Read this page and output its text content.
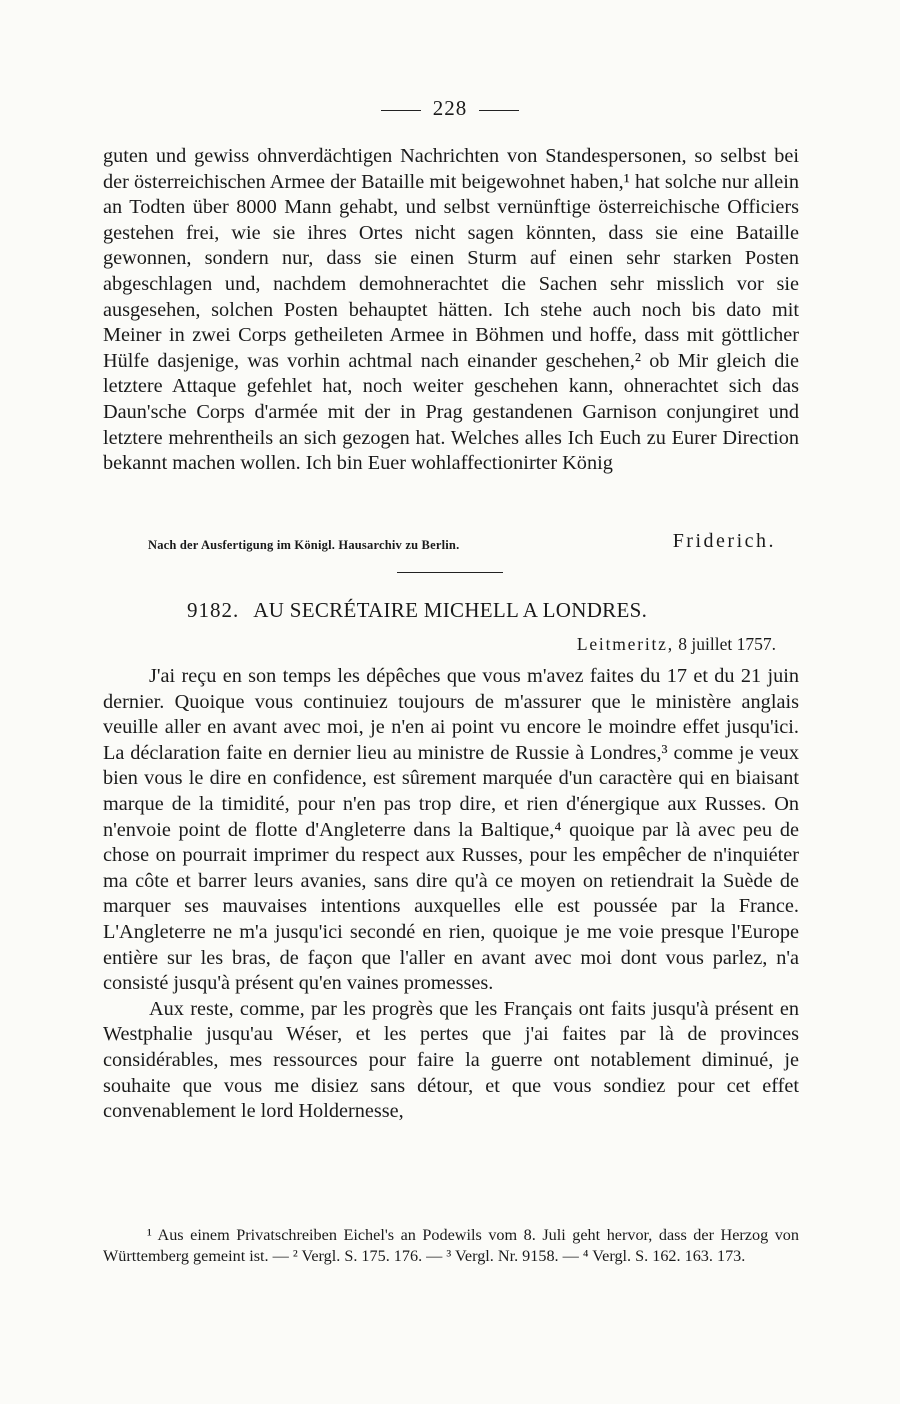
228

guten und gewiss ohnverdächtigen Nachrichten von Standespersonen, so selbst bei der österreichischen Armee der Bataille mit beigewohnet haben,¹ hat solche nur allein an Todten über 8000 Mann gehabt, und selbst vernünftige österreichische Officiers gestehen frei, wie sie ihres Ortes nicht sagen könnten, dass sie eine Bataille gewonnen, sondern nur, dass sie einen Sturm auf einen sehr starken Posten abgeschlagen und, nachdem demohnerachtet die Sachen sehr misslich vor sie ausgesehen, solchen Posten behauptet hätten. Ich stehe auch noch bis dato mit Meiner in zwei Corps getheileten Armee in Böhmen und hoffe, dass mit göttlicher Hülfe dasjenige, was vorhin achtmal nach einander geschehen,² ob Mir gleich die letztere Attaque gefehlet hat, noch weiter geschehen kann, ohnerachtet sich das Daun'sche Corps d'armée mit der in Prag gestandenen Garnison conjungiret und letztere mehrentheils an sich gezogen hat. Welches alles Ich Euch zu Eurer Direction bekannt machen wollen. Ich bin Euer wohlaffectionirter König

Nach der Ausfertigung im Königl. Hausarchiv zu Berlin.	Friderich.
9182. AU SECRÉTAIRE MICHELL A LONDRES.
Leitmeritz, 8 juillet 1757.

J'ai reçu en son temps les dépêches que vous m'avez faites du 17 et du 21 juin dernier. Quoique vous continuiez toujours de m'assurer que le ministère anglais veuille aller en avant avec moi, je n'en ai point vu encore le moindre effet jusqu'ici. La déclaration faite en dernier lieu au ministre de Russie à Londres,³ comme je veux bien vous le dire en confidence, est sûrement marquée d'un caractère qui en biaisant marque de la timidité, pour n'en pas trop dire, et rien d'énergique aux Russes. On n'envoie point de flotte d'Angleterre dans la Baltique,⁴ quoique par là avec peu de chose on pourrait imprimer du respect aux Russes, pour les empêcher de n'inquiéter ma côte et barrer leurs avanies, sans dire qu'à ce moyen on retiendrait la Suède de marquer ses mauvaises intentions auxquelles elle est poussée par la France. L'Angleterre ne m'a jusqu'ici secondé en rien, quoique je me voie presque l'Europe entière sur les bras, de façon que l'aller en avant avec moi dont vous parlez, n'a consisté jusqu'à présent qu'en vaines promesses.

Aux reste, comme, par les progrès que les Français ont faits jusqu'à présent en Westphalie jusqu'au Wéser, et les pertes que j'ai faites par là de provinces considérables, mes ressources pour faire la guerre ont notablement diminué, je souhaite que vous me disiez sans détour, et que vous sondiez pour cet effet convenablement le lord Holdernesse,

¹ Aus einem Privatschreiben Eichel's an Podewils vom 8. Juli geht hervor, dass der Herzog von Württemberg gemeint ist. — ² Vergl. S. 175. 176. — ³ Vergl. Nr. 9158. — ⁴ Vergl. S. 162. 163. 173.
